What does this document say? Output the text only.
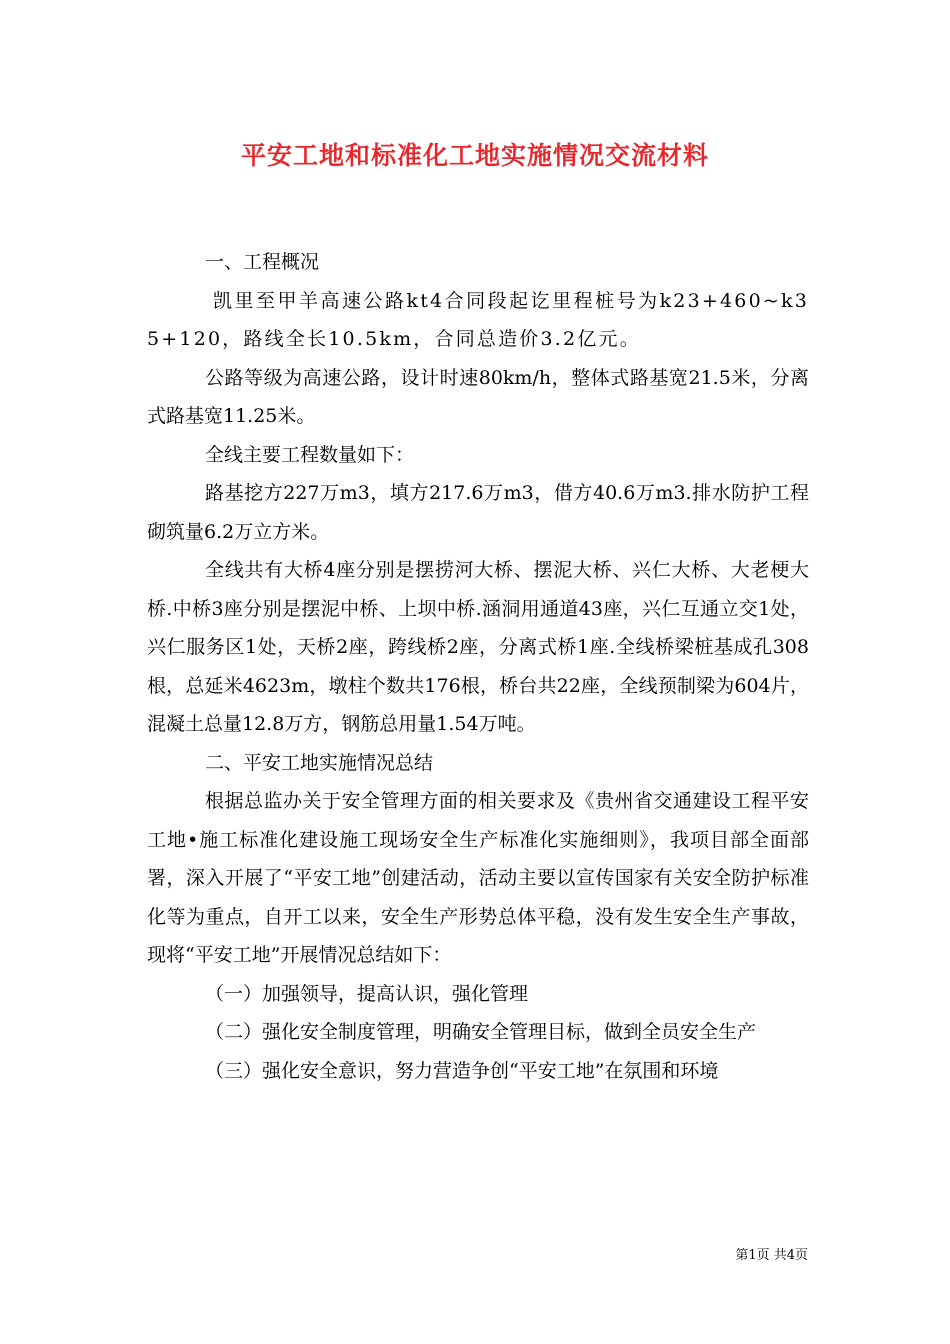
平安工地和标准化工地实施情况交流材料

一、工程概况

凯里至甲羊高速公路kt4合同段起讫里程桩号为k23+460~k35+120，路线全长10.5km，合同总造价3.2亿元。

公路等级为高速公路，设计时速80km/h，整体式路基宽21.5米，分离式路基宽11.25米。

全线主要工程数量如下：

路基挖方227万m3，填方217.6万m3，借方40.6万m3.排水防护工程砌筑量6.2万立方米。

全线共有大桥4座分别是摆捞河大桥、摆泥大桥、兴仁大桥、大老梗大桥.中桥3座分别是摆泥中桥、上坝中桥.涵洞用通道43座，兴仁互通立交1处，兴仁服务区1处，天桥2座，跨线桥2座，分离式桥1座.全线桥梁桩基成孔308根，总延米4623m，墩柱个数共176根，桥台共22座，全线预制梁为604片，混凝土总量12.8万方，钢筋总用量1.54万吨。

二、平安工地实施情况总结

根据总监办关于安全管理方面的相关要求及《贵州省交通建设工程平安工地•施工标准化建设施工现场安全生产标准化实施细则》，我项目部全面部署，深入开展了“平安工地”创建活动，活动主要以宣传国家有关安全防护标准化等为重点，自开工以来，安全生产形势总体平稳，没有发生安全生产事故，现将“平安工地”开展情况总结如下：

（一）加强领导，提高认识，强化管理

（二）强化安全制度管理，明确安全管理目标，做到全员安全生产

（三）强化安全意识，努力营造争创“平安工地”在氛围和环境

第1页 共4页
